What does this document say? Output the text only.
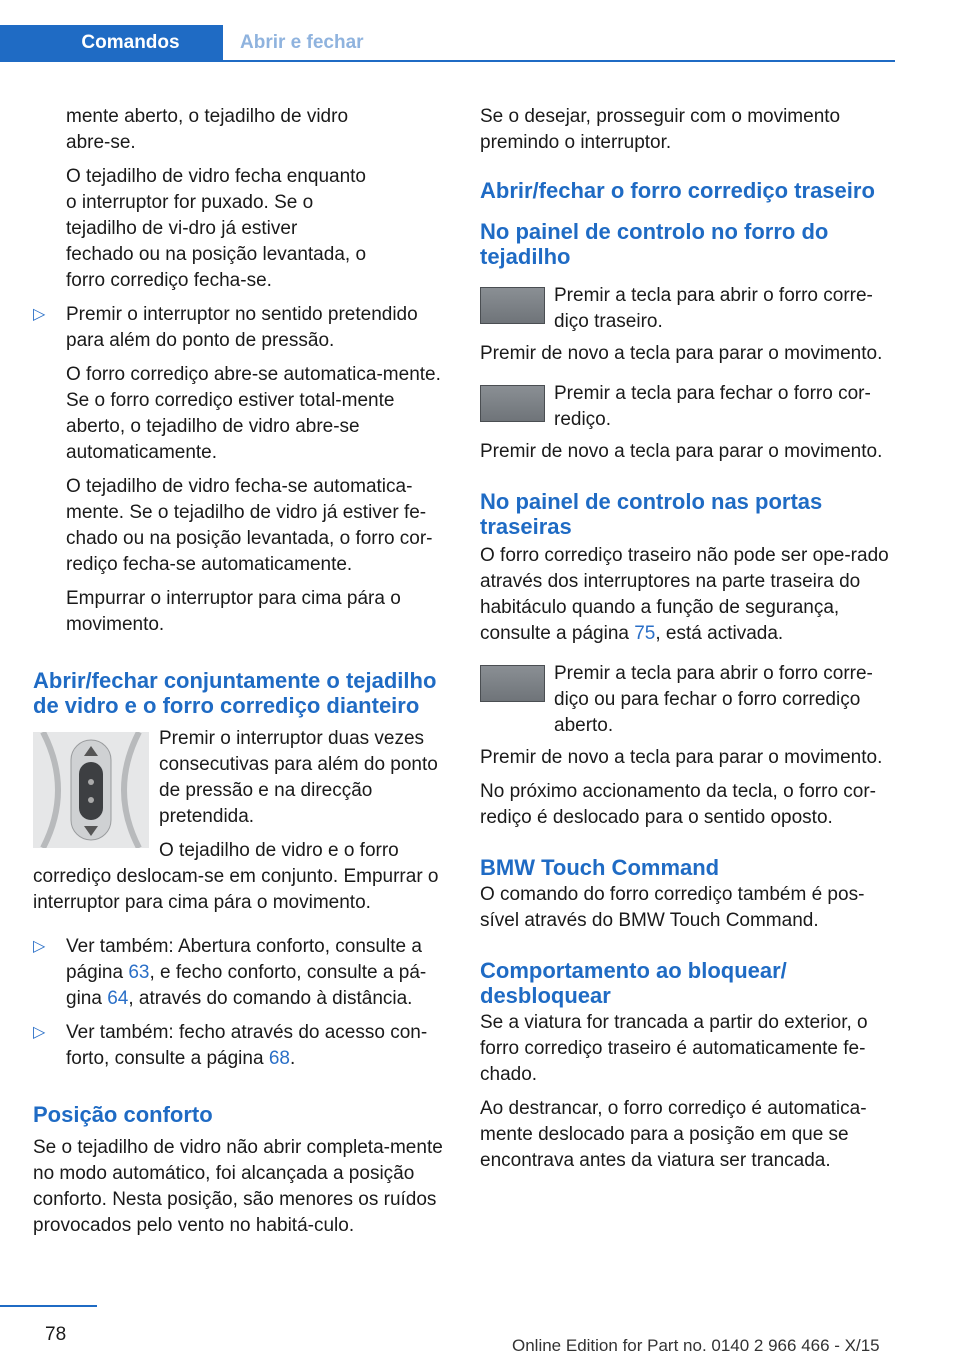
Comandos	Abrir e fechar

mente aberto, o tejadilho de vidro abre-se.

O tejadilho de vidro fecha enquanto o interruptor for puxado. Se o tejadilho de vi-dro já estiver fechado ou na posição levantada, o forro corrediço fecha-se.

▷ Premir o interruptor no sentido pretendido para além do ponto de pressão.

O forro corrediço abre-se automatica-mente. Se o forro corrediço estiver total-mente aberto, o tejadilho de vidro abre-se automaticamente.

O tejadilho de vidro fecha-se automatica-mente. Se o tejadilho de vidro já estiver fe-chado ou na posição levantada, o forro cor-rediço fecha-se automaticamente.

Empurrar o interruptor para cima pára o movimento.

Abrir/fechar conjuntamente o tejadilho de vidro e o forro corrediço dianteiro

Premir o interruptor duas vezes consecutivas para além do ponto de pressão e na direcção pretendida.

O tejadilho de vidro e o forro corrediço deslocam-se em conjunto. Empurrar o interruptor para cima pára o movimento.

▷ Ver também: Abertura conforto, consulte a página 63, e fecho conforto, consulte a pá-gina 64, através do comando à distância.
▷ Ver também: fecho através do acesso con-forto, consulte a página 68.
Posição conforto

Se o tejadilho de vidro não abrir completa-mente no modo automático, foi alcançada a posição conforto. Nesta posição, são menores os ruídos provocados pelo vento no habitá-culo.

Se o desejar, prosseguir com o movimento premindo o interruptor.

Abrir/fechar o forro corrediço traseiro
No painel de controlo no forro do tejadilho
Premir a tecla para abrir o forro corre-diço traseiro.

Premir de novo a tecla para parar o movimento.

Premir a tecla para fechar o forro cor-rediço.

Premir de novo a tecla para parar o movimento.

No painel de controlo nas portas traseiras

O forro corrediço traseiro não pode ser ope-rado através dos interruptores na parte traseira do habitáculo quando a função de segurança, consulte a página 75, está activada.

Premir a tecla para abrir o forro corre-diço ou para fechar o forro corrediço aberto.

Premir de novo a tecla para parar o movimento.

No próximo accionamento da tecla, o forro cor-rediço é deslocado para o sentido oposto.

BMW Touch Command

O comando do forro corrediço também é pos-sível através do BMW Touch Command.

Comportamento ao bloquear/ desbloquear

Se a viatura for trancada a partir do exterior, o forro corrediço traseiro é automaticamente fe-chado.

Ao destrancar, o forro corrediço é automatica-mente deslocado para a posição em que se encontrava antes da viatura ser trancada.

78
Online Edition for Part no. 0140 2 966 466 - X/15
